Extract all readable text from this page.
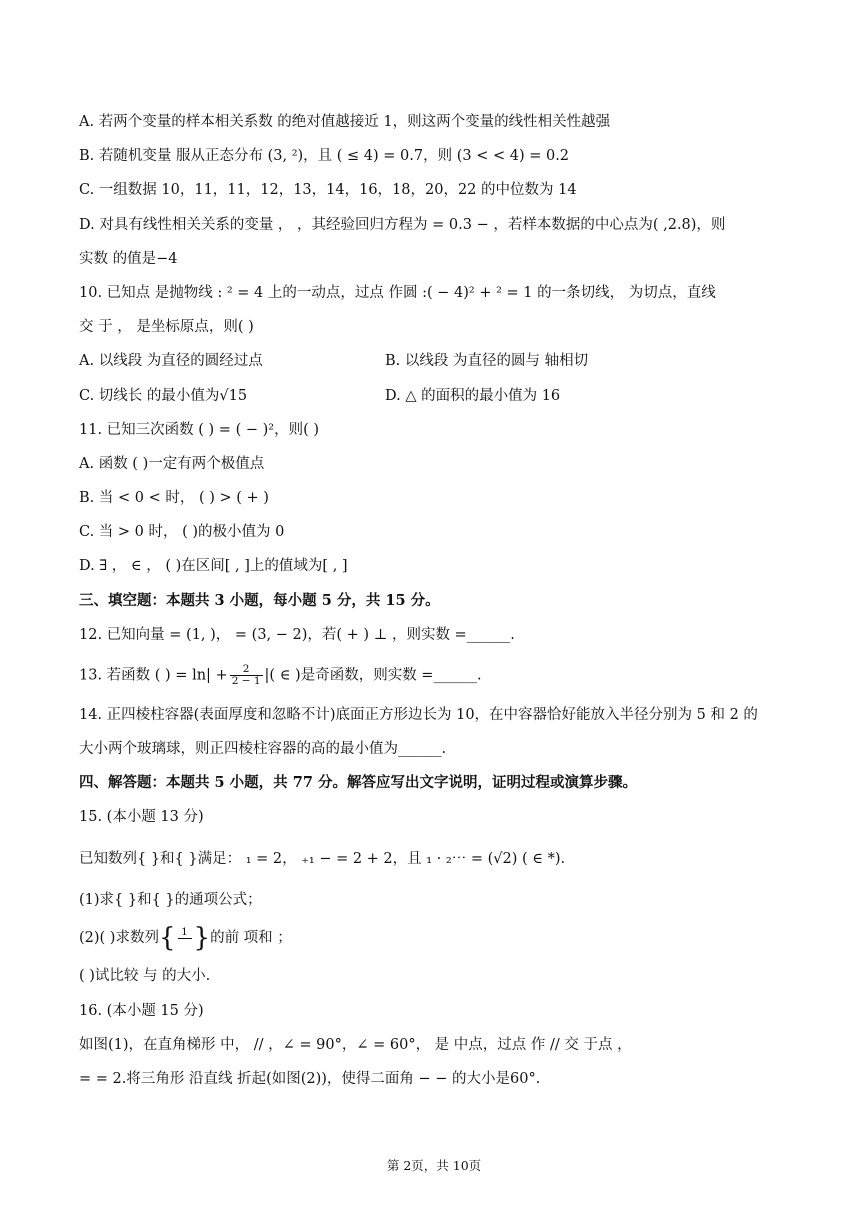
A. 若两个变量的样本相关系数 的绝对值越接近 1，则这两个变量的线性相关性越强
B. 若随机变量 服从正态分布 (3, ²)，且 ( ≤ 4) = 0.7，则 (3 < < 4) = 0.2
C. 一组数据 10，11，11，12，13，14，16，18，20，22 的中位数为 14
D. 对具有线性相关关系的变量 ， ，其经验回归方程为 = 0.3 − ，若样本数据的中心点为( ,2.8)，则
实数 的值是−4
10. 已知点 是抛物线 : ² = 4 上的一动点，过点 作圆 :( − 4)² + ² = 1 的一条切线， 为切点，直线
交 于 ， 是坐标原点，则( )
A. 以线段 为直径的圆经过点	B. 以线段 为直径的圆与 轴相切
C. 切线长 的最小值为√15	D. △ 的面积的最小值为 16
11. 已知三次函数 ( ) = ( − )²，则( )
A. 函数 ( )一定有两个极值点
B. 当 < 0 < 时， ( ) > ( + )
C. 当 > 0 时， ( )的极小值为 0
D. ∃ ， ∈ ， ( )在区间[ , ]上的值域为[ , ]
三、填空题：本题共 3 小题，每小题 5 分，共 15 分。
12. 已知向量 = (1, )， = (3, − 2)，若( + ) ⊥ ，则实数 =______.
13. 若函数 ( ) = $\ln| + \frac{2}{2 - 1}$ |( ∈ )是奇函数，则实数 =______.
14. 正四棱柱容器(表面厚度和忽略不计)底面正方形边长为 10，在中容器恰好能放入半径分别为 5 和 2 的
大小两个玻璃球，则正四棱柱容器的高的最小值为______.
四、解答题：本题共 5 小题，共 77 分。解答应写出文字说明，证明过程或演算步骤。
15. (本小题 13 分)
已知数列{ }和{ }满足： ₁ = 2， ₊₁ − = 2 + 2，且 ₁ · ₂⋯ = (√2) ( ∈ *).
(1)求{ }和{ }的通项公式；
(2)( )求数列{ 1
}的前 项和 ；
( )试比较 与 的大小.
16. (本小题 15 分)
如图(1)，在直角梯形 中， // ，∠ = 90°，∠ = 60°， 是 中点，过点 作 // 交 于点 ，
= = 2.将三角形 沿直线 折起(如图(2))，使得二面角 − − 的大小是60°.
第 2页，共 10页
